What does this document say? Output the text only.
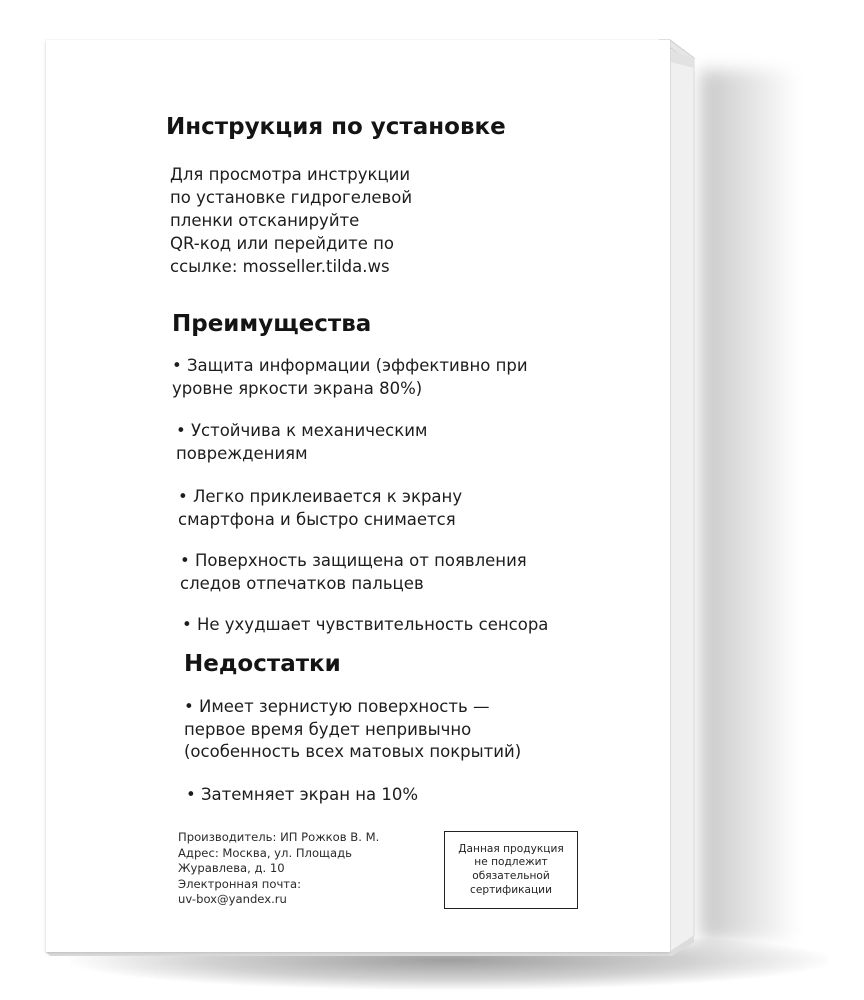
Инструкция по установке
Для просмотра инструкции
по установке гидрогелевой
пленки отсканируйте
QR-код или перейдите по
ссылке: mosseller.tilda.ws
Преимущества
• Защита информации (эффективно при
уровне яркости экрана 80%)
• Устойчива к механическим
повреждениям
• Легко приклеивается к экрану
смартфона и быстро снимается
• Поверхность защищена от появления
следов отпечатков пальцев
• Не ухудшает чувствительность сенсора
Недостатки
• Имеет зернистую поверхность —
первое время будет непривычно
(особенность всех матовых покрытий)
• Затемняет экран на 10%
Производитель: ИП Рожков В. М.
Адрес: Москва, ул. Площадь
Журавлева, д. 10
Электронная почта:
uv-box@yandex.ru
Данная продукция
не подлежит
обязательной
сертификации
